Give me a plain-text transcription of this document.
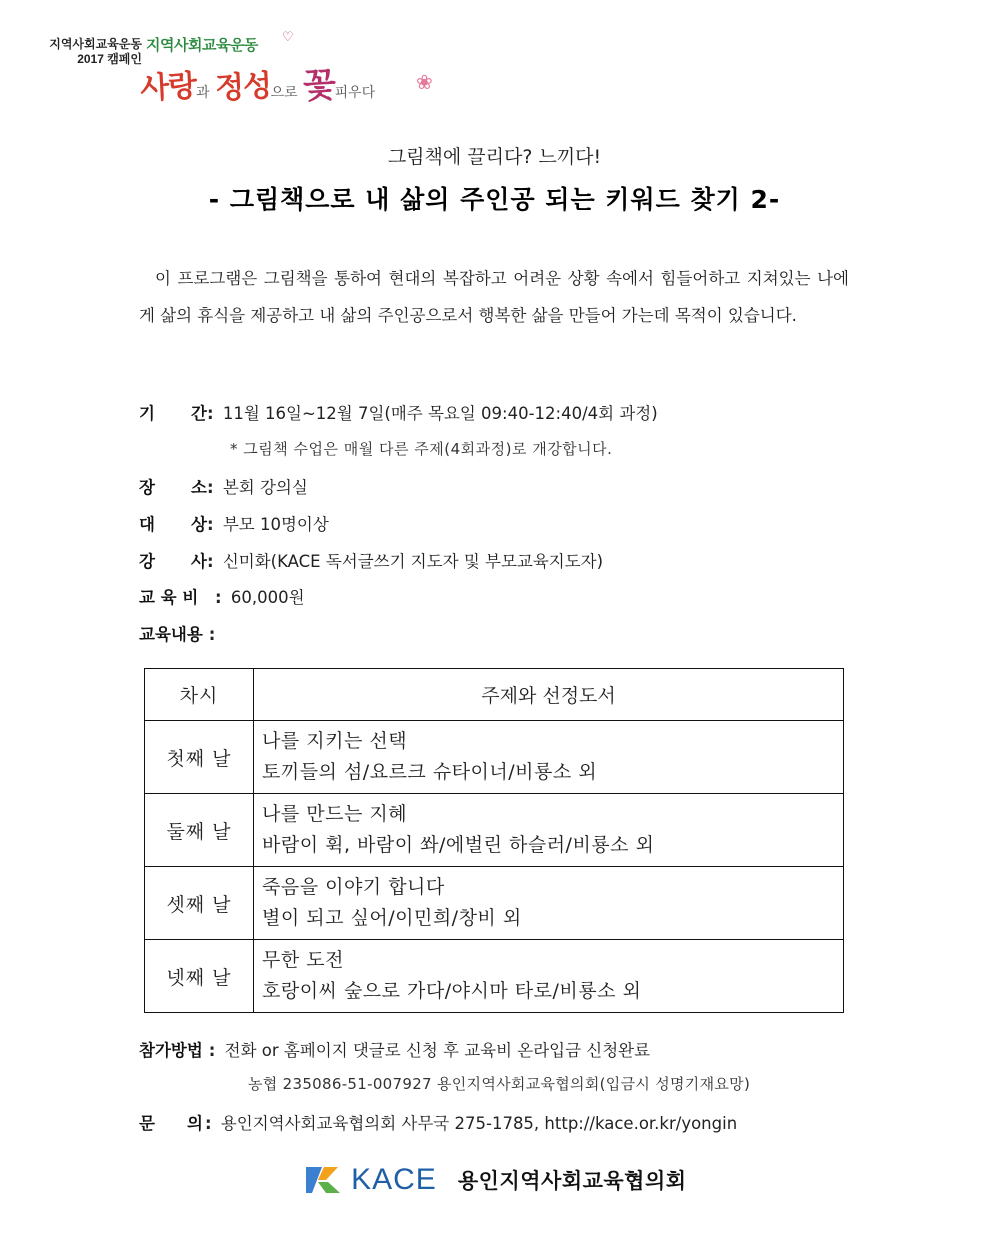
지역사회교육운동
2017 캠페인
지역사회교육운동 ♡
사랑과 정성으로 꽃피우다 ❀
그림책에 끌리다? 느끼다!
- 그림책으로 내 삶의 주인공 되는 키워드 찾기 2-

이 프로그램은 그림책을 통하여 현대의 복잡하고 어려운 상황 속에서 힘들어하고 지쳐있는 나에게 삶의 휴식을 제공하고 내 삶의 주인공으로서 행복한 삶을 만들어 가는데 목적이 있습니다.

기 간 : 11월 16일~12월 7일(매주 목요일 09:40-12:40/4회 과정)
* 그림책 수업은 매월 다른 주제(4회과정)로 개강합니다.
장 소 : 본회 강의실
대 상 : 부모 10명이상
강 사 : 신미화(KACE 독서글쓰기 지도자 및 부모교육지도자)
교 육 비 : 60,000원
교육내용 :
차시	주제와 선정도서
첫째 날	나를 지키는 선택
토끼들의 섬/요르크 슈타이너/비룡소 외

둘째 날	나를 만드는 지혜
바람이 휙, 바람이 쏴/에벌린 하슬러/비룡소 외

셋째 날	죽음을 이야기 합니다
별이 되고 싶어/이민희/창비 외

넷째 날	무한 도전
호랑이씨 숲으로 가다/야시마 타로/비룡소 외
참가방법 : 전화 or 홈페이지 댓글로 신청 후 교육비 온라입금 신청완료
농협 235086-51-007927 용인지역사회교육협의회(입금시 성명기재요망)
문 의 : 용인지역사회교육협의회 사무국 275-1785, http://kace.or.kr/yongin
KACE 용인지역사회교육협의회
